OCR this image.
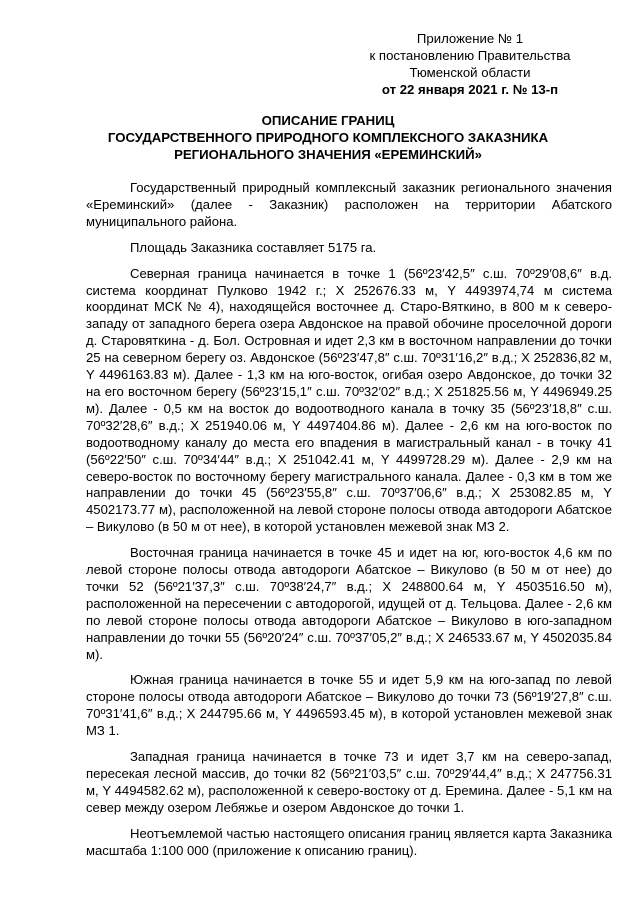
Приложение № 1
к постановлению Правительства
Тюменской области
от 22 января 2021 г. № 13-п
ОПИСАНИЕ ГРАНИЦ
ГОСУДАРСТВЕННОГО ПРИРОДНОГО КОМПЛЕКСНОГО ЗАКАЗНИКА
РЕГИОНАЛЬНОГО ЗНАЧЕНИЯ «ЕРЕМИНСКИЙ»

Государственный природный комплексный заказник регионального значения «Ереминский» (далее - Заказник) расположен на территории Абатского муниципального района.

Площадь Заказника составляет 5175 га.

Северная граница начинается в точке 1 (56º23′42,5″ с.ш. 70º29′08,6″ в.д. система координат Пулково 1942 г.; X 252676.33 м, Y 4493974,74 м система координат МСК № 4), находящейся восточнее д. Старо-Вяткино, в 800 м к северо-западу от западного берега озера Авдонское на правой обочине проселочной дороги д. Старовяткина - д. Бол. Островная и идет 2,3 км в восточном направлении до точки 25 на северном берегу оз. Авдонское (56º23′47,8″ с.ш. 70º31′16,2″ в.д.; X 252836,82 м, Y 4496163.83 м). Далее - 1,3 км на юго-восток, огибая озеро Авдонское, до точки 32 на его восточном берегу (56º23′15,1″ с.ш. 70º32′02″ в.д.; X 251825.56 м, Y 4496949.25 м). Далее - 0,5 км на восток до водоотводного канала в точку 35 (56º23′18,8″ с.ш. 70º32′28,6″ в.д.; X 251940.06 м, Y 4497404.86 м). Далее - 2,6 км на юго-восток по водоотводному каналу до места его впадения в магистральный канал - в точку 41 (56º22′50″ с.ш. 70º34′44″ в.д.; X 251042.41 м, Y 4499728.29 м). Далее - 2,9 км на северо-восток по восточному берегу магистрального канала. Далее - 0,3 км в том же направлении до точки 45 (56º23′55,8″ с.ш. 70º37′06,6″ в.д.; X 253082.85 м, Y 4502173.77 м), расположенной на левой стороне полосы отвода автодороги Абатское – Викулово (в 50 м от нее), в которой установлен межевой знак МЗ 2.

Восточная граница начинается в точке 45 и идет на юг, юго-восток 4,6 км по левой стороне полосы отвода автодороги Абатское – Викулово (в 50 м от нее) до точки 52 (56º21′37,3″ с.ш. 70º38′24,7″ в.д.; X 248800.64 м, Y 4503516.50 м), расположенной на пересечении с автодорогой, идущей от д. Тельцова. Далее - 2,6 км по левой стороне полосы отвода автодороги Абатское – Викулово в юго-западном направлении до точки 55 (56º20′24″ с.ш. 70º37′05,2″ в.д.; X 246533.67 м, Y 4502035.84 м).

Южная граница начинается в точке 55 и идет 5,9 км на юго-запад по левой стороне полосы отвода автодороги Абатское – Викулово до точки 73 (56º19′27,8″ с.ш. 70º31′41,6″ в.д.; X 244795.66 м, Y 4496593.45 м), в которой установлен межевой знак МЗ 1.

Западная граница начинается в точке 73 и идет 3,7 км на северо-запад, пересекая лесной массив, до точки 82 (56º21′03,5″ с.ш. 70º29′44,4″ в.д.; X 247756.31 м, Y 4494582.62 м), расположенной к северо-востоку от д. Еремина. Далее - 5,1 км на север между озером Лебяжье и озером Авдонское до точки 1.

Неотъемлемой частью настоящего описания границ является карта Заказника масштаба 1:100 000 (приложение к описанию границ).
